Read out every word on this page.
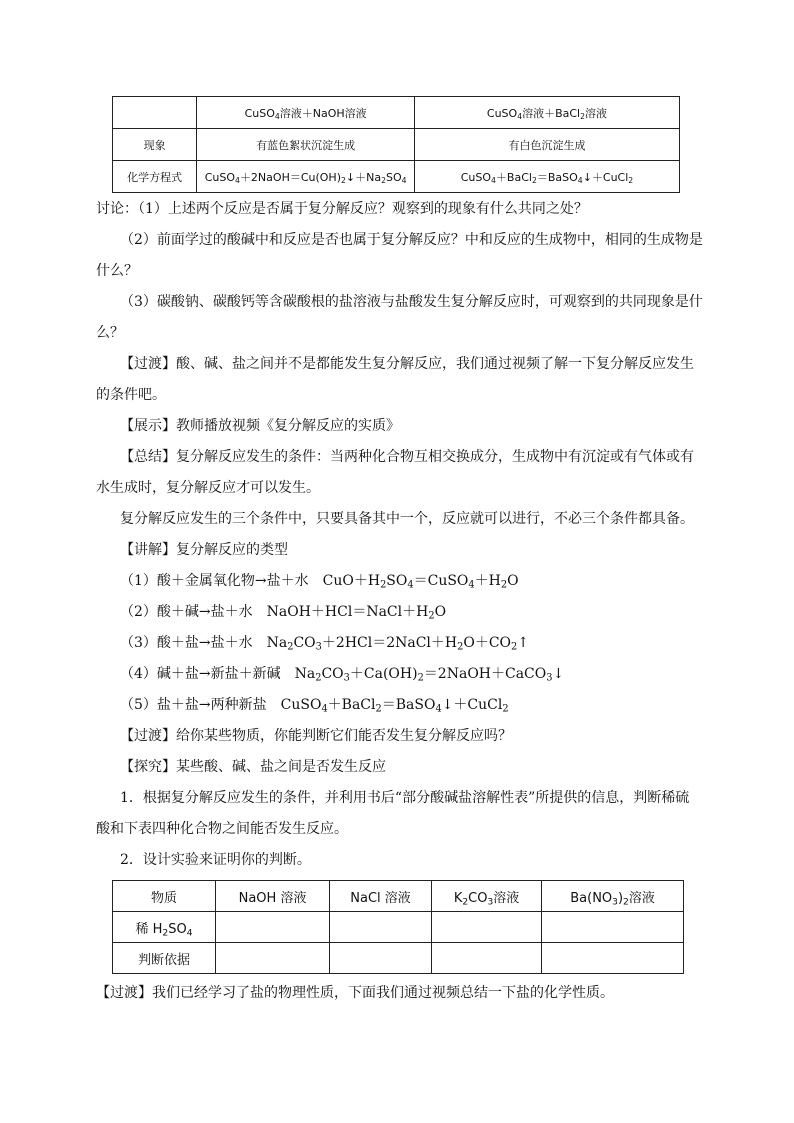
	CuSO$_4$溶液＋NaOH溶液	CuSO$_4$溶液＋BaCl$_2$溶液
现象	有蓝色絮状沉淀生成	有白色沉淀生成
化学方程式	$CuSO_4+2NaOH=Cu(OH)_2↓+Na_2SO_4$	CuSO$_4$＋BaCl$_2$＝BaSO$_4$↓＋CuCl$_2$
讨论：（1）上述两个反应是否属于复分解反应？观察到的现象有什么共同之处？
（2）前面学过的酸碱中和反应是否也属于复分解反应？中和反应的生成物中，相同的生成物是
什么？
（3）碳酸钠、碳酸钙等含碳酸根的盐溶液与盐酸发生复分解反应时，可观察到的共同现象是什
么？
【过渡】酸、碱、盐之间并不是都能发生复分解反应，我们通过视频了解一下复分解反应发生
的条件吧。
【展示】教师播放视频《复分解反应的实质》
【总结】复分解反应发生的条件：当两种化合物互相交换成分，生成物中有沉淀或有气体或有
水生成时，复分解反应才可以发生。
复分解反应发生的三个条件中，只要具备其中一个，反应就可以进行，不必三个条件都具备。
【讲解】复分解反应的类型
（1）酸＋金属氧化物→盐＋水　$CuO+H_2SO_4=CuSO_4+H_2O$
（2）酸＋碱→盐＋水　$NaOH+HCl=NaCl+H_2O$
（3）酸＋盐→盐＋水　$Na_2CO_3+2HCl=2NaCl+H_2O+CO_2↑$
（4）碱＋盐→新盐＋新碱　$Na_2CO_3+Ca(OH)_2=2NaOH+CaCO_3↓$
（5）盐＋盐→两种新盐　CuSO$_4$＋BaCl$_2$＝BaSO$_4$↓＋CuCl$_2$
【过渡】给你某些物质，你能判断它们能否发生复分解反应吗？
【探究】某些酸、碱、盐之间是否发生反应
1．根据复分解反应发生的条件，并利用书后“部分酸碱盐溶解性表”所提供的信息，判断稀硫
酸和下表四种化合物之间能否发生反应。
2．设计实验来证明你的判断。
物质	NaOH 溶液	NaCl 溶液	$K_2CO_3$溶液	$Ba(NO_3)_2$溶液
稀 $H_2SO_4$				
判断依据				
【过渡】我们已经学习了盐的物理性质，下面我们通过视频总结一下盐的化学性质。
